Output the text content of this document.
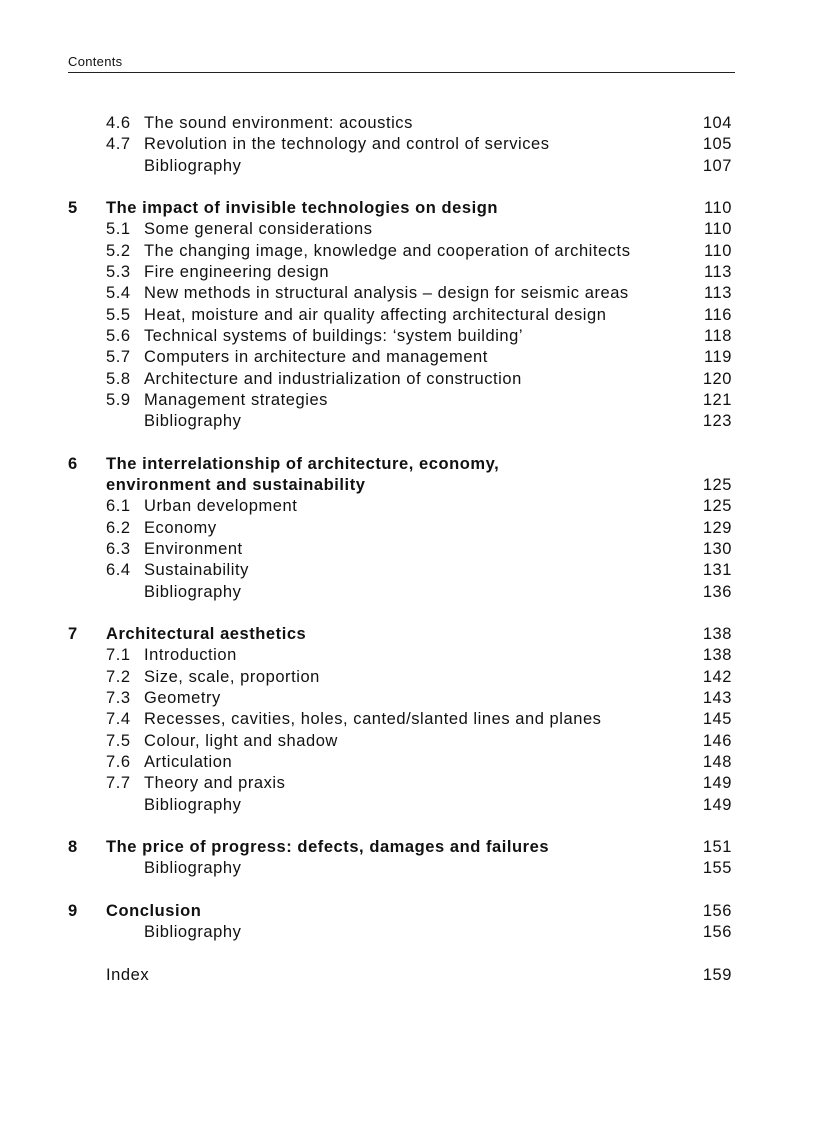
Contents
4.6 The sound environment: acoustics	104
4.7 Revolution in the technology and control of services	105
Bibliography	107
5 The impact of invisible technologies on design	110
5.1 Some general considerations	110
5.2 The changing image, knowledge and cooperation of architects	110
5.3 Fire engineering design	113
5.4 New methods in structural analysis – design for seismic areas	113
5.5 Heat, moisture and air quality affecting architectural design	116
5.6 Technical systems of buildings: ‘system building’	118
5.7 Computers in architecture and management	119
5.8 Architecture and industrialization of construction	120
5.9 Management strategies	121
Bibliography	123
6 The interrelationship of architecture, economy,
environment and sustainability	125
6.1 Urban development	125
6.2 Economy	129
6.3 Environment	130
6.4 Sustainability	131
Bibliography	136
7 Architectural aesthetics	138
7.1 Introduction	138
7.2 Size, scale, proportion	142
7.3 Geometry	143
7.4 Recesses, cavities, holes, canted/slanted lines and planes	145
7.5 Colour, light and shadow	146
7.6 Articulation	148
7.7 Theory and praxis	149
Bibliography	149
8 The price of progress: defects, damages and failures	151
Bibliography	155
9 Conclusion	156
Bibliography	156
Index	159
